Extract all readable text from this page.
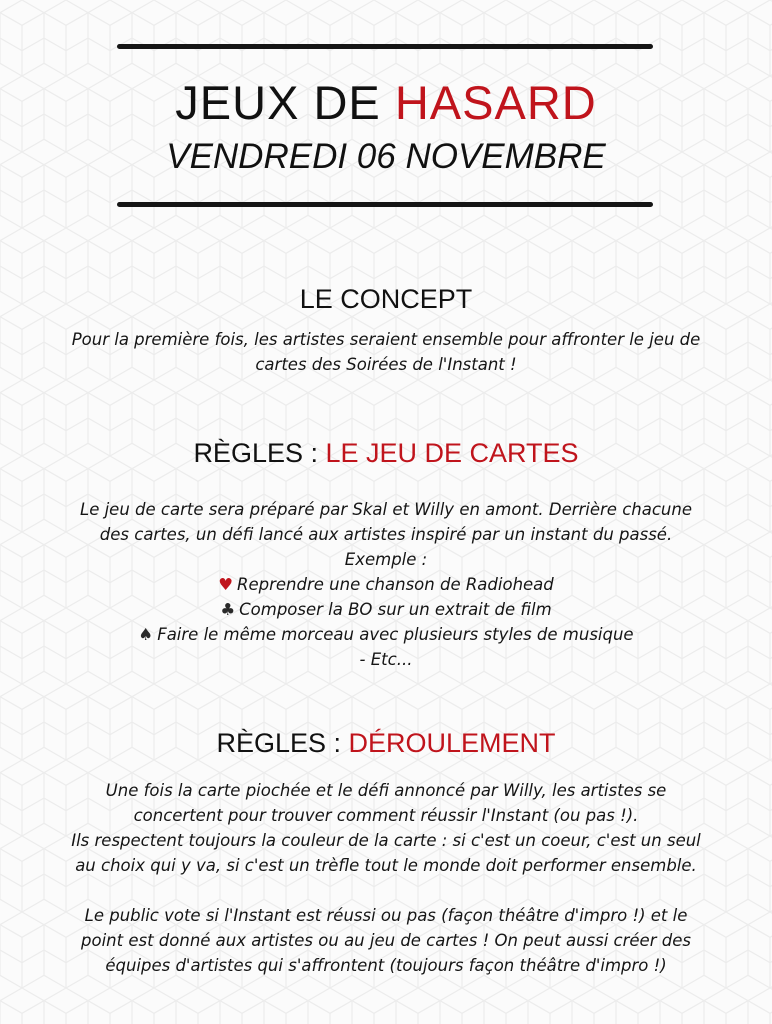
JEUX DE HASARD
VENDREDI 06 NOVEMBRE
LE CONCEPT
Pour la première fois, les artistes seraient ensemble pour affronter le jeu de
cartes des Soirées de l'Instant !
RÈGLES : LE JEU DE CARTES
Le jeu de carte sera préparé par Skal et Willy en amont. Derrière chacune
des cartes, un défi lancé aux artistes inspiré par un instant du passé.
Exemple :
♥ Reprendre une chanson de Radiohead
♣ Composer la BO sur un extrait de film
♠ Faire le même morceau avec plusieurs styles de musique
- Etc...
RÈGLES : DÉROULEMENT
Une fois la carte piochée et le défi annoncé par Willy, les artistes se
concertent pour trouver comment réussir l'Instant (ou pas !).
Ils respectent toujours la couleur de la carte : si c'est un coeur, c'est un seul
au choix qui y va, si c'est un trèfle tout le monde doit performer ensemble.
Le public vote si l'Instant est réussi ou pas (façon théâtre d'impro !) et le
point est donné aux artistes ou au jeu de cartes ! On peut aussi créer des
équipes d'artistes qui s'affrontent (toujours façon théâtre d'impro !)
